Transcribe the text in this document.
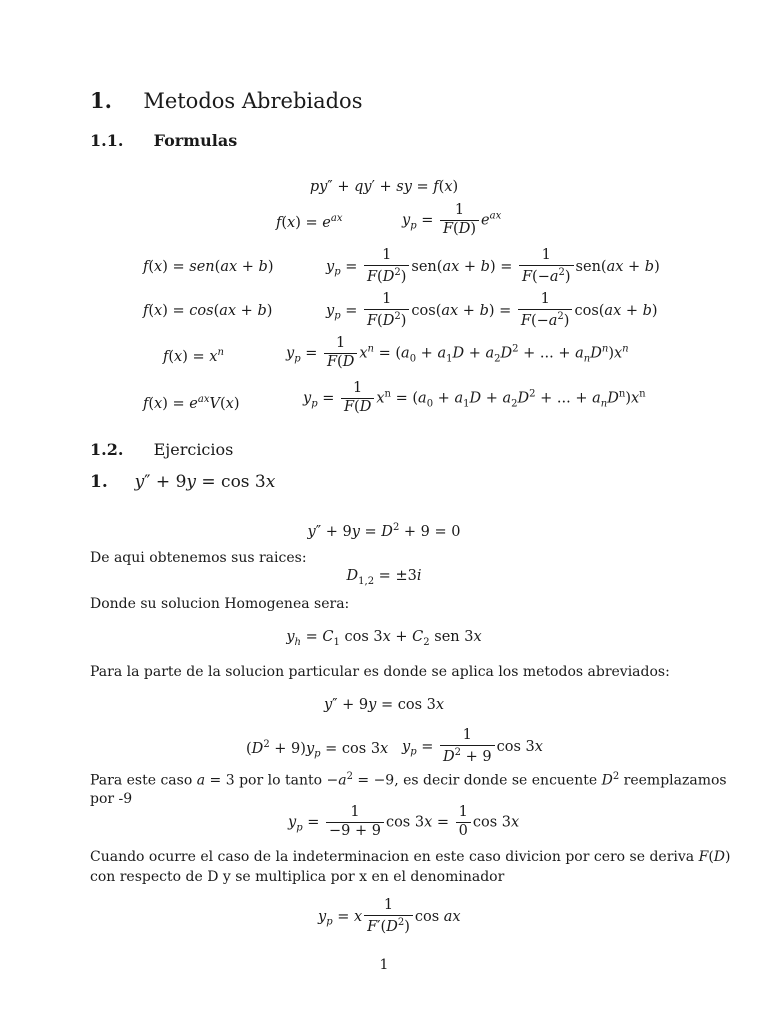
1. Metodos Abrebiados
1.1. Formulas
py″ + qy′ + sy = f(x)
$f(x) = e^{ax}$	$y_p = \frac{1}{F(D)} e^{ax}$
f(x) = sen(ax + b)	$y_p = \frac{1}{F(D^2)} sen(ax + b) = \frac{1}{F(-a^2)} sen(ax + b)$
f(x) = cos(ax + b)	$y_p = \frac{1}{F(D^2)} \cos(ax + b) = \frac{1}{F(-a^2)} \cos(ax + b)$
$f(x) = x^n$	$y_p = \frac{1}{F(D} x^n = (a_0 + a_1D + a_2D^2$ + ... + $a_nD^n)x^n$
$f(x) = e^{ax}V(x)$	$y_p = \frac{1}{F(D} x^n = (a_0 + a_1D + a_2D^2$ + ... + $a_nD^n)x^n$
1.2. Ejercicios
1. y″ + 9y = cos 3x
$y'' + 9y = D^2 + 9 = 0$
De aqui obtenemos sus raices:
$D_{1,2} = \pm 3i$
Donde su solucion Homogenea sera:
$y_h = C_1$ $\cos 3x + C_2$ sen 3x
Para la parte de la solucion particular es donde se aplica los metodos abreviados:
y″ + 9y = cos 3x
$(D^2 + 9)y_p = \cos 3x$ $y_p = \frac{1}{D^2 + 9}$ cos 3x
Para este caso a = 3 por lo tanto $-a^2 = -9$, es decir donde se encuente $D^2$ reemplazamos
por -9
$y_p = \frac{1}{-9 + 9}$ $\cos 3x = \frac{1}{0}$ cos 3x
Cuando ocurre el caso de la indeterminacion en este caso divicion por cero se deriva F(D)
con respecto de D y se multiplica por x en el denominador
$y_p = x \frac{1}{F'(D^2)}$ cos ax
1
